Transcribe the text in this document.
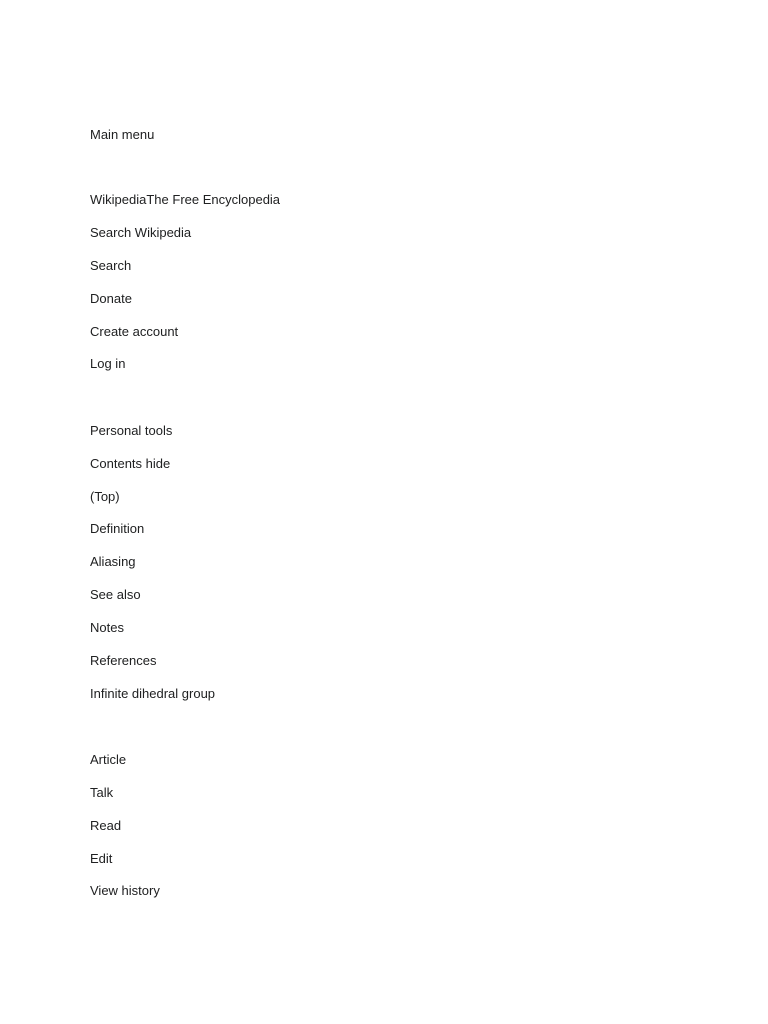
Main menu
WikipediaThe Free Encyclopedia
Search Wikipedia
Search
Donate
Create account
Log in
Personal tools
Contents hide
(Top)
Definition
Aliasing
See also
Notes
References
Infinite dihedral group
Article
Talk
Read
Edit
View history
